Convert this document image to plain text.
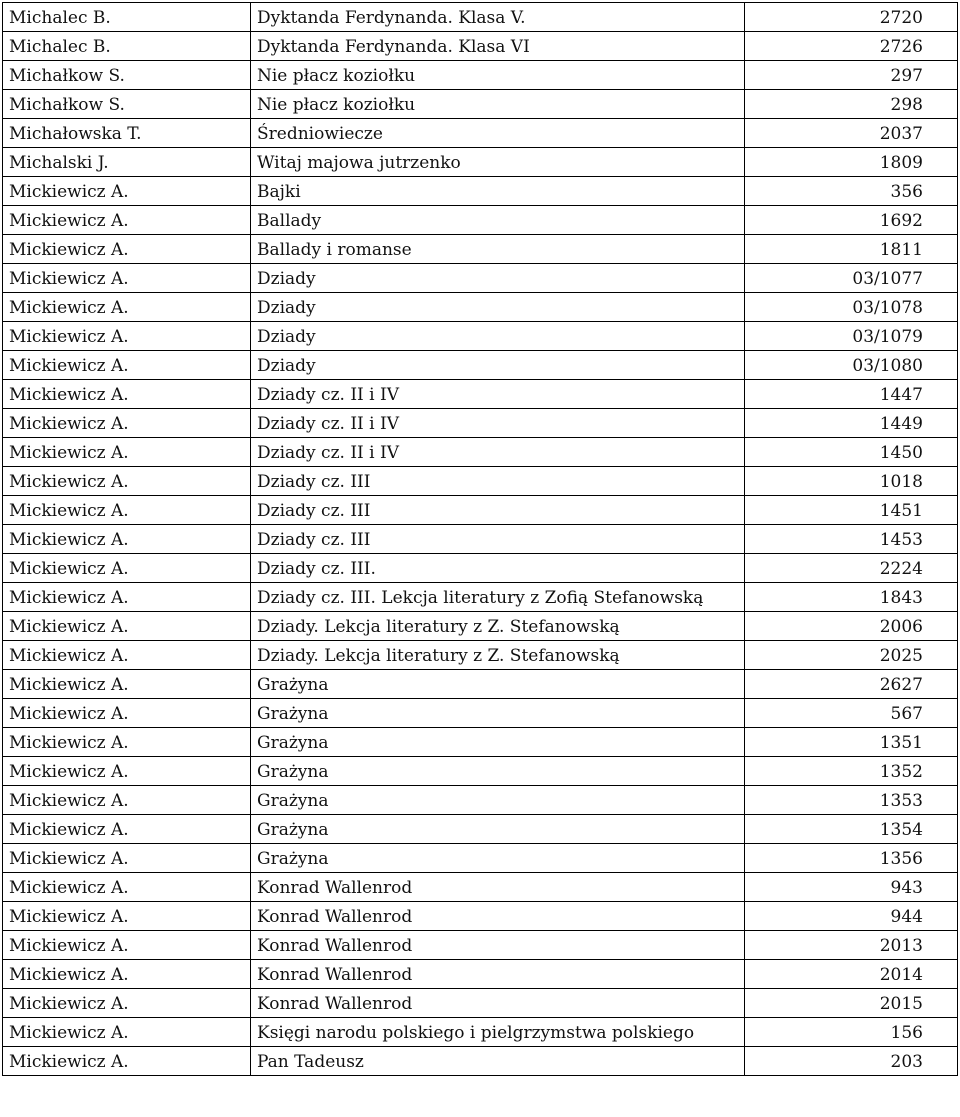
Michalec B.	Dyktanda Ferdynanda. Klasa V.	2720
Michalec B.	Dyktanda Ferdynanda. Klasa VI	2726
Michałkow S.	Nie płacz koziołku	297
Michałkow S.	Nie płacz koziołku	298
Michałowska T.	Średniowiecze	2037
Michalski J.	Witaj majowa jutrzenko	1809
Mickiewicz A.	Bajki	356
Mickiewicz A.	Ballady	1692
Mickiewicz A.	Ballady i romanse	1811
Mickiewicz A.	Dziady	03/1077
Mickiewicz A.	Dziady	03/1078
Mickiewicz A.	Dziady	03/1079
Mickiewicz A.	Dziady	03/1080
Mickiewicz A.	Dziady cz. II i IV	1447
Mickiewicz A.	Dziady cz. II i IV	1449
Mickiewicz A.	Dziady cz. II i IV	1450
Mickiewicz A.	Dziady cz. III	1018
Mickiewicz A.	Dziady cz. III	1451
Mickiewicz A.	Dziady cz. III	1453
Mickiewicz A.	Dziady cz. III.	2224
Mickiewicz A.	Dziady cz. III. Lekcja literatury z Zofią Stefanowską	1843
Mickiewicz A.	Dziady. Lekcja literatury z Z. Stefanowską	2006
Mickiewicz A.	Dziady. Lekcja literatury z Z. Stefanowską	2025
Mickiewicz A.	Grażyna	2627
Mickiewicz A.	Grażyna	567
Mickiewicz A.	Grażyna	1351
Mickiewicz A.	Grażyna	1352
Mickiewicz A.	Grażyna	1353
Mickiewicz A.	Grażyna	1354
Mickiewicz A.	Grażyna	1356
Mickiewicz A.	Konrad Wallenrod	943
Mickiewicz A.	Konrad Wallenrod	944
Mickiewicz A.	Konrad Wallenrod	2013
Mickiewicz A.	Konrad Wallenrod	2014
Mickiewicz A.	Konrad Wallenrod	2015
Mickiewicz A.	Księgi narodu polskiego i pielgrzymstwa polskiego	156
Mickiewicz A.	Pan Tadeusz	203
